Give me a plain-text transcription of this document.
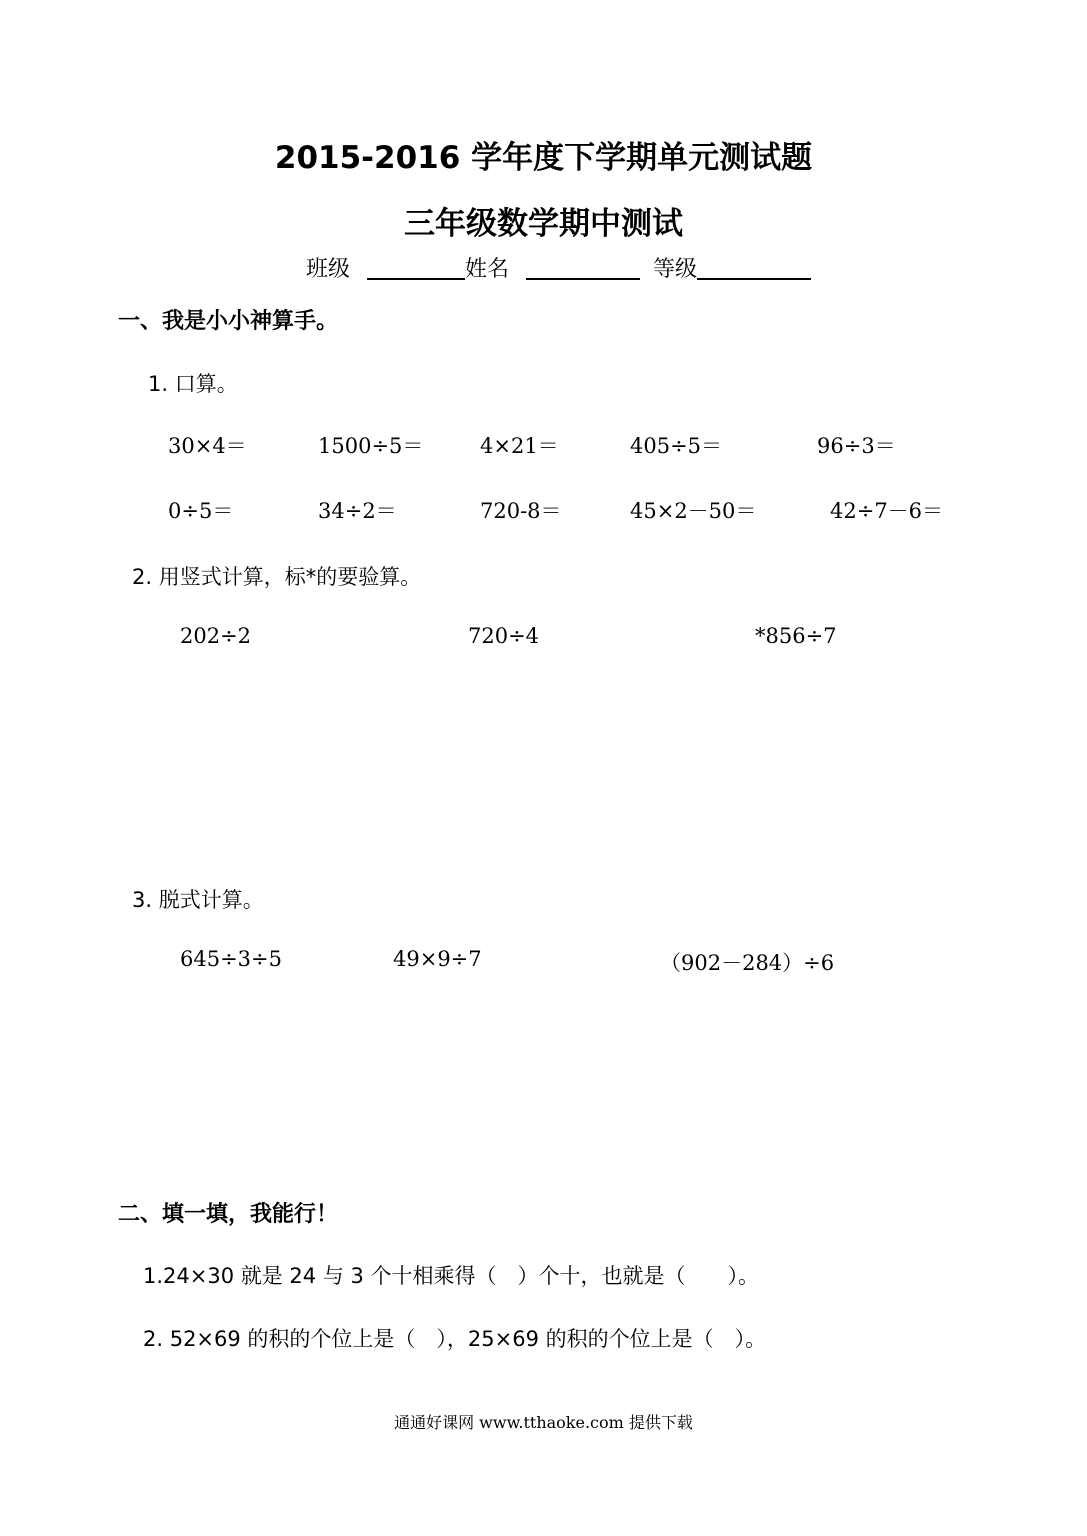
2015-2016 学年度下学期单元测试题
三年级数学期中测试
班级	姓名	等级
一、我是小小神算手。
1. 口算。
30×4＝	1500÷5＝	4×21＝	405÷5＝	96÷3＝
0÷5＝	34÷2＝	720-8＝	45×2－50＝	42÷7－6＝
2. 用竖式计算，标*的要验算。
202÷2	720÷4	*856÷7
3. 脱式计算。
645÷3÷5	49×9÷7	（902－284）÷6
二、填一填，我能行！
1.24×30 就是 24 与 3 个十相乘得（　）个十，也就是（　　）。
2. 52×69 的积的个位上是（　），25×69 的积的个位上是（　）。
通通好课网 www.tthaoke.com 提供下载
